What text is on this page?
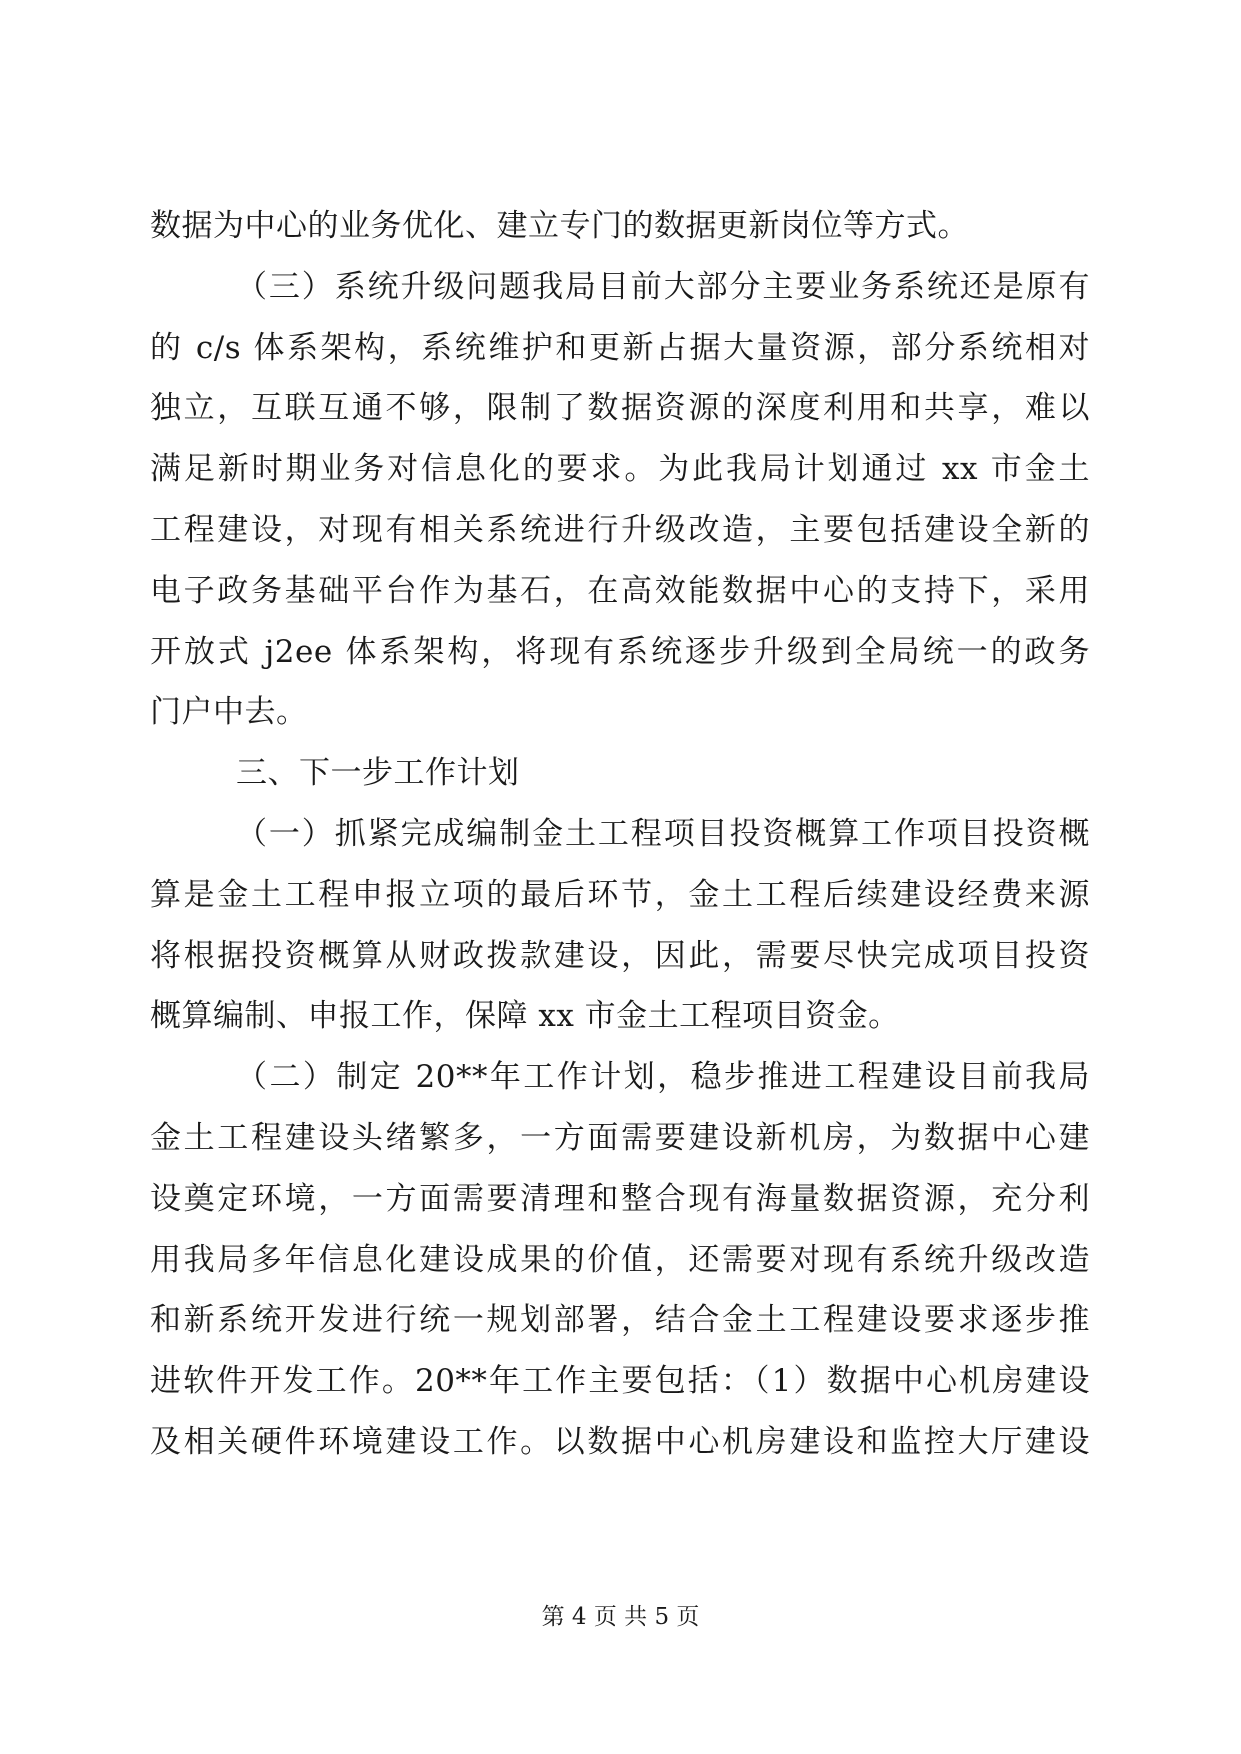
数据为中心的业务优化、建立专门的数据更新岗位等方式。
（三）系统升级问题我局目前大部分主要业务系统还是原有
的 c/s 体系架构，系统维护和更新占据大量资源，部分系统相对
独立，互联互通不够，限制了数据资源的深度利用和共享，难以
满足新时期业务对信息化的要求。为此我局计划通过 xx 市金土
工程建设，对现有相关系统进行升级改造，主要包括建设全新的
电子政务基础平台作为基石，在高效能数据中心的支持下，采用
开放式 j2ee 体系架构，将现有系统逐步升级到全局统一的政务
门户中去。
三、下一步工作计划
（一）抓紧完成编制金土工程项目投资概算工作项目投资概
算是金土工程申报立项的最后环节，金土工程后续建设经费来源
将根据投资概算从财政拨款建设，因此，需要尽快完成项目投资
概算编制、申报工作，保障 xx 市金土工程项目资金。
（二）制定 20**年工作计划，稳步推进工程建设目前我局
金土工程建设头绪繁多，一方面需要建设新机房，为数据中心建
设奠定环境，一方面需要清理和整合现有海量数据资源，充分利
用我局多年信息化建设成果的价值，还需要对现有系统升级改造
和新系统开发进行统一规划部署，结合金土工程建设要求逐步推
进软件开发工作。20**年工作主要包括：（1）数据中心机房建设
及相关硬件环境建设工作。以数据中心机房建设和监控大厅建设
第 4 页 共 5 页
